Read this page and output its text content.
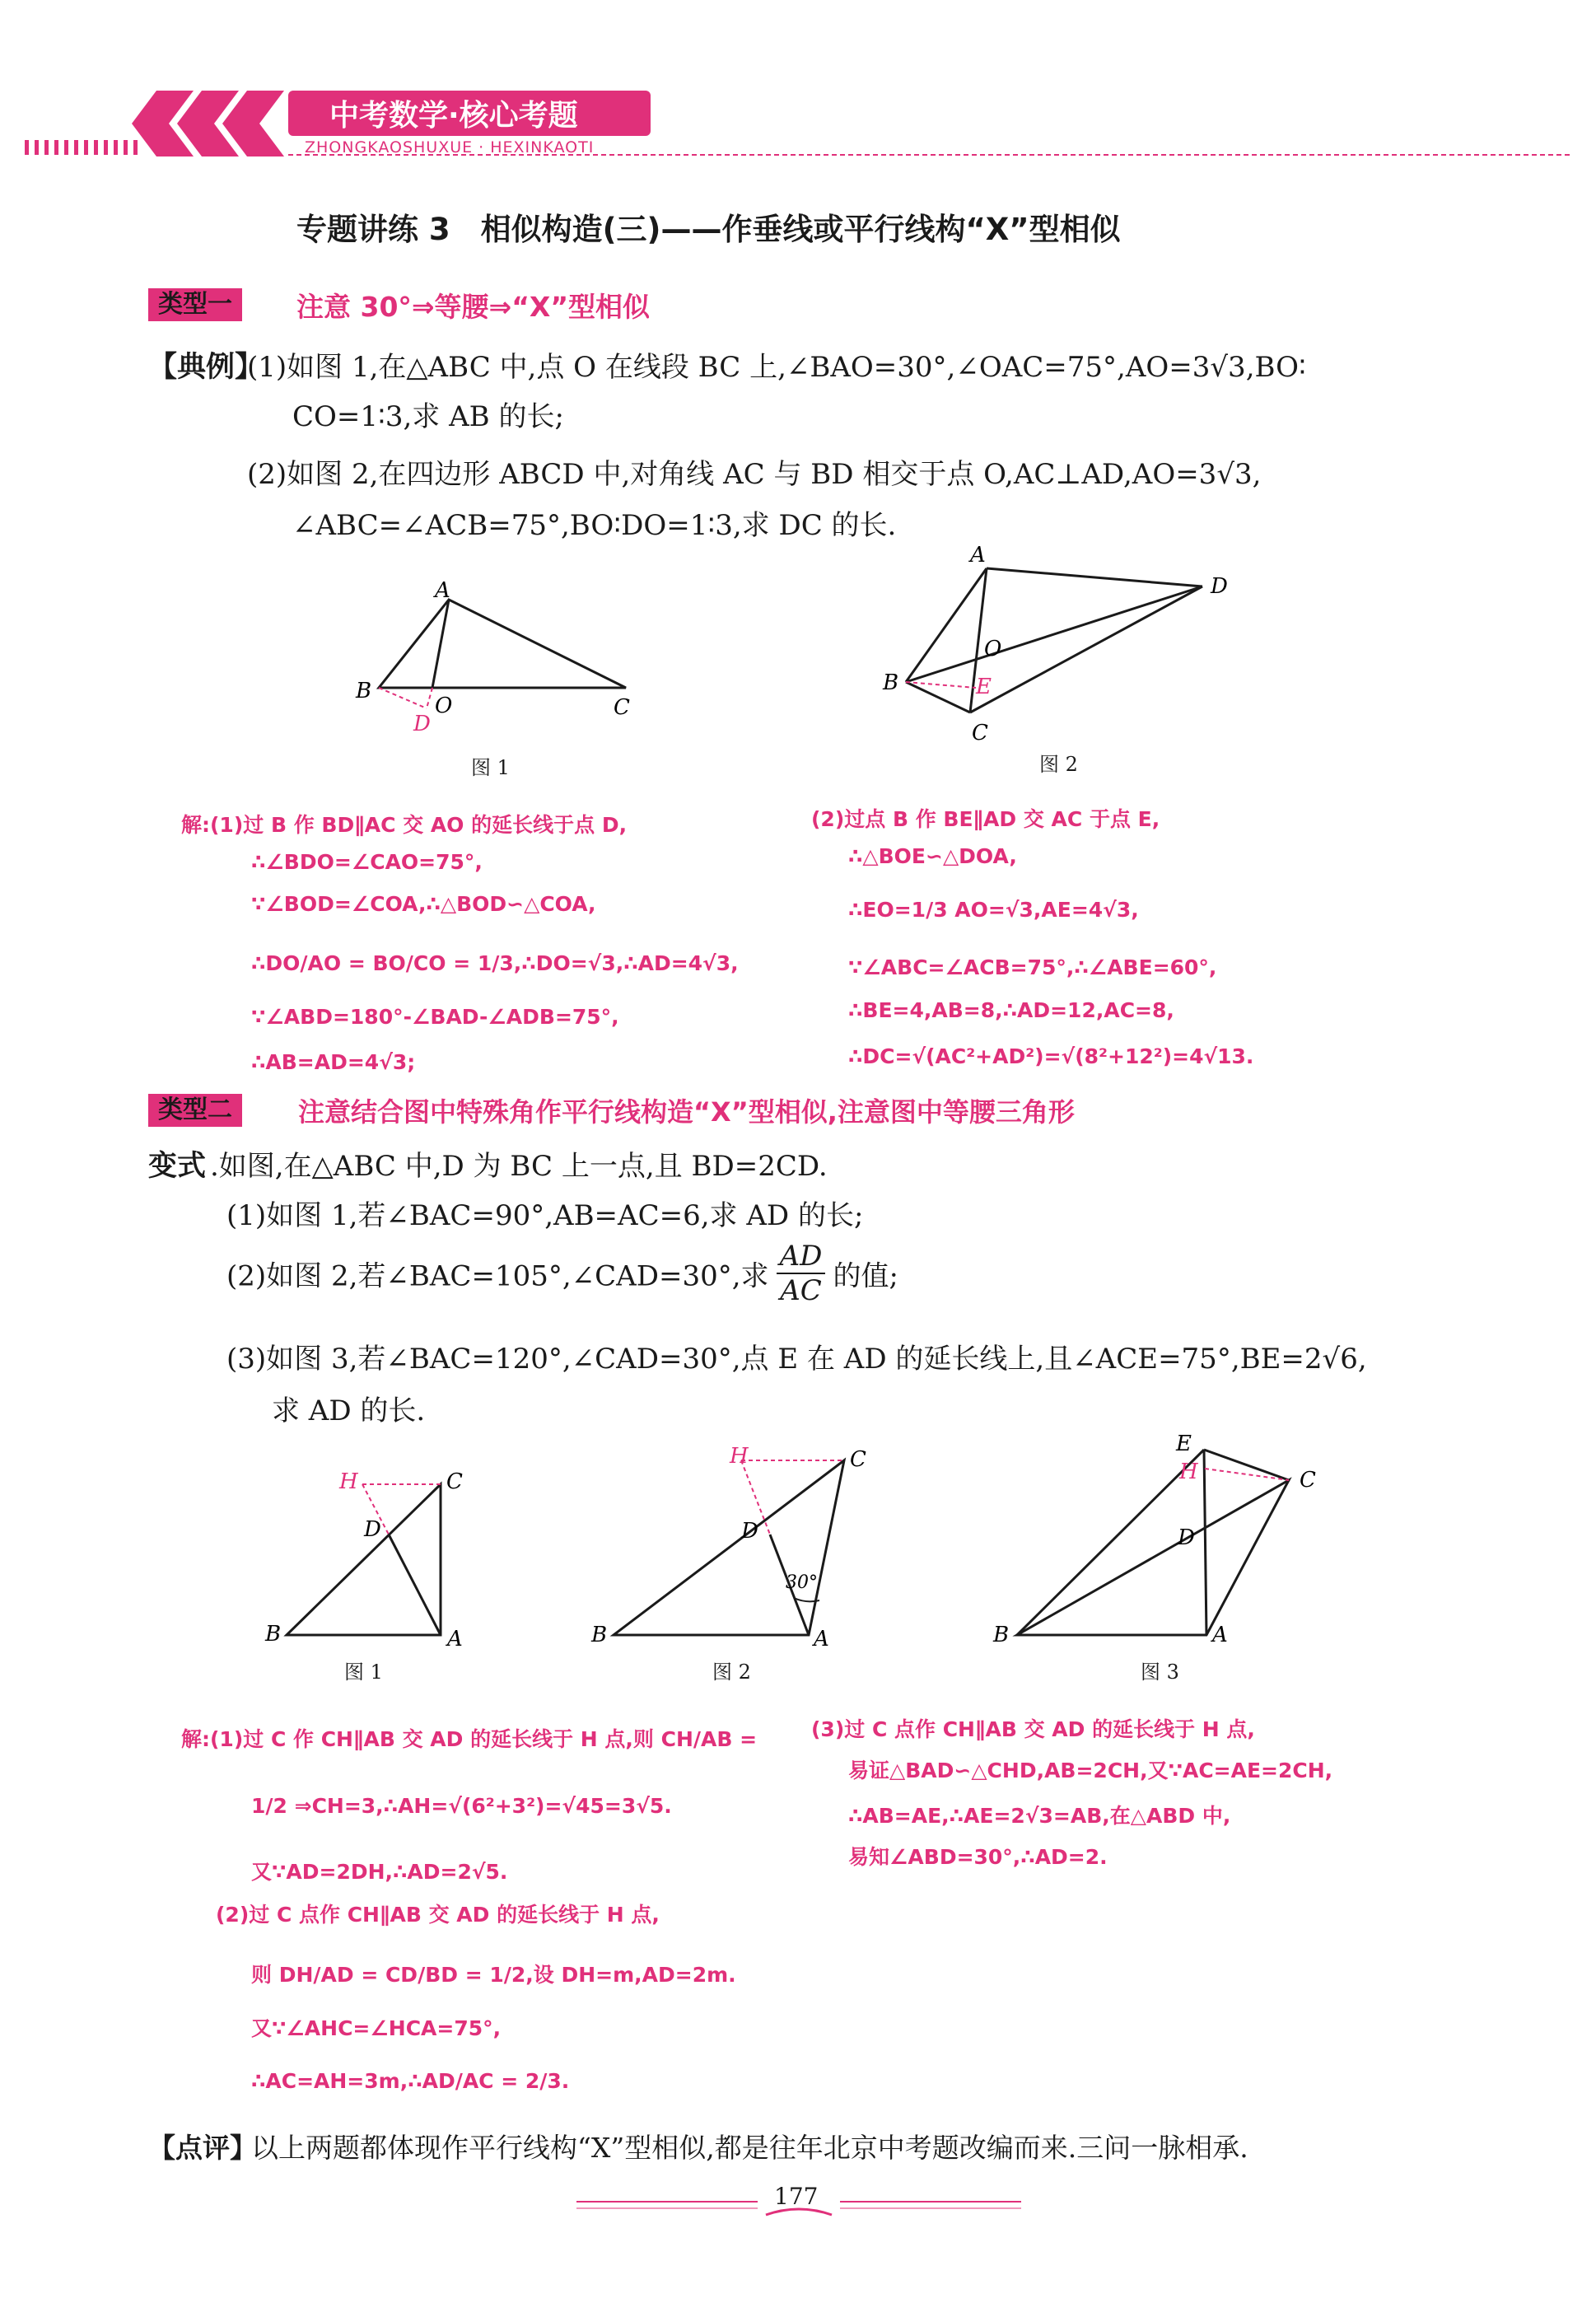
中考数学·核心考题
ZHONGKAOSHUXUE · HEXINKAOTI
专题讲练 3　相似构造(三)——作垂线或平行线构“X”型相似
类型一	注意 30°⇒等腰⇒“X”型相似
【典例】
(1)如图 1,在△ABC 中,点 O 在线段 BC 上,∠BAO=30°,∠OAC=75°,AO=3√3,BO∶
CO=1∶3,求 AB 的长;
(2)如图 2,在四边形 ABCD 中,对角线 AC 与 BD 相交于点 O,AC⊥AD,AO=3√3,
∠ABC=∠ACB=75°,BO∶DO=1∶3,求 DC 的长.
A
B
O	C
D
图 1
A
D
O
B	E
C
图 2
解:(1)过 B 作 BD∥AC 交 AO 的延长线于点 D,
∴∠BDO=∠CAO=75°,
∵∠BOD=∠COA,∴△BOD∽△COA,
∴DO/AO = BO/CO = 1/3,∴DO=√3,∴AD=4√3,
∵∠ABD=180°-∠BAD-∠ADB=75°,
∴AB=AD=4√3;
(2)过点 B 作 BE∥AD 交 AC 于点 E,
∴△BOE∽△DOA,
∴EO=1/3 AO=√3,AE=4√3,
∵∠ABC=∠ACB=75°,∴∠ABE=60°,
∴BE=4,AB=8,∴AD=12,AC=8,
∴DC=√(AC²+AD²)=√(8²+12²)=4√13.
类型二	注意结合图中特殊角作平行线构造“X”型相似,注意图中等腰三角形
变式 .如图,在△ABC 中,D 为 BC 上一点,且 BD=2CD.
(1)如图 1,若∠BAC=90°,AB=AC=6,求 AD 的长;
(2)如图 2,若∠BAC=105°,∠CAD=30°,求 $\frac{AD}{AC}$ 的值;
(3)如图 3,若∠BAC=120°,∠CAD=30°,点 E 在 AD 的延长线上,且∠ACE=75°,BE=2√6,
求 AD 的长.
H	C
D
B	A
图 1
H	C
D
30°
B	A
图 2
E
H	C
D
B	A
图 3
解:(1)过 C 作 CH∥AB 交 AD 的延长线于 H 点,则 CH/AB =
1/2 ⇒CH=3,∴AH=√(6²+3²)=√45=3√5.
又∵AD=2DH,∴AD=2√5.
(2)过 C 点作 CH∥AB 交 AD 的延长线于 H 点,
则 DH/AD = CD/BD = 1/2,设 DH=m,AD=2m.
又∵∠AHC=∠HCA=75°,
∴AC=AH=3m,∴AD/AC = 2/3.
(3)过 C 点作 CH∥AB 交 AD 的延长线于 H 点,
易证△BAD∽△CHD,AB=2CH,又∵AC=AE=2CH,
∴AB=AE,∴AE=2√3=AB,在△ABD 中,
易知∠ABD=30°,∴AD=2.
【点评】
以上两题都体现作平行线构“X”型相似,都是往年北京中考题改编而来.三问一脉相承.
177
